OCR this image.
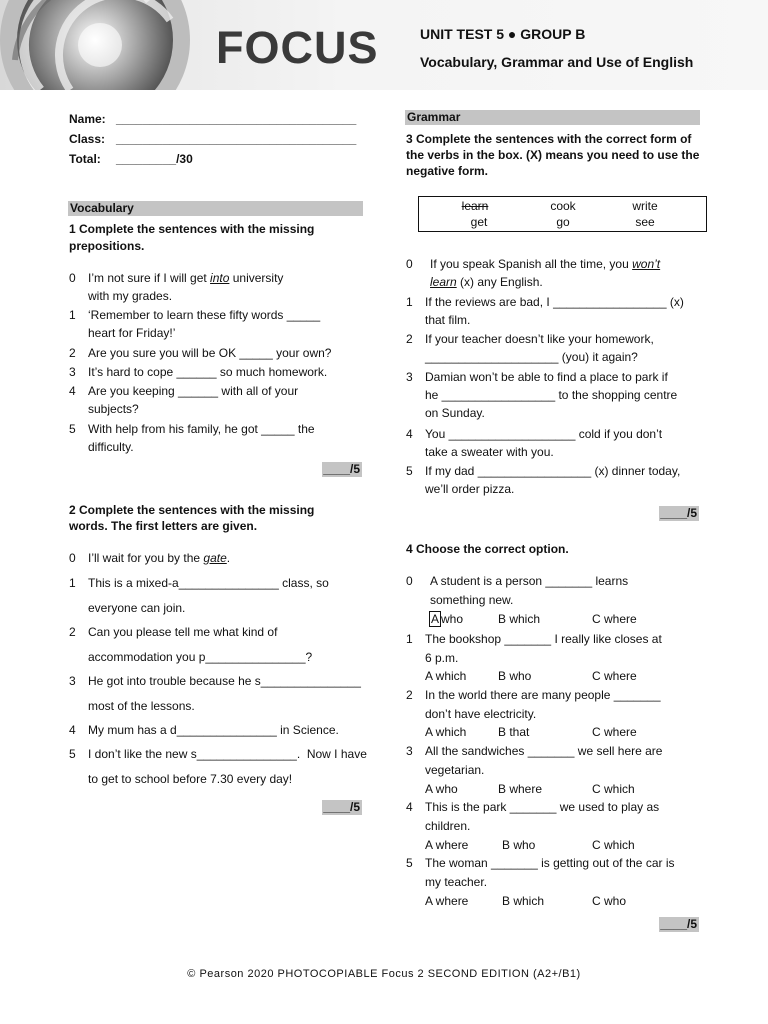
FOCUS	UNIT TEST 5 ● GROUP B
Vocabulary, Grammar and Use of English
Name: ____________________________________
Class: ____________________________________
Total: _________/30
Vocabulary
1 Complete the sentences with the missing
prepositions.
0 I’m not sure if I will get into university
with my grades.
1 ‘Remember to learn these fifty words _____
heart for Friday!’
2 Are you sure you will be OK _____ your own?
3 It’s hard to cope ______ so much homework.
4 Are you keeping ______ with all of your
subjects?
5 With help from his family, he got _____ the
difficulty.
____/5
2 Complete the sentences with the missing
words. The first letters are given.
0 I’ll wait for you by the gate.
1 This is a mixed-a_______________ class, so
everyone can join.
2 Can you please tell me what kind of
accommodation you p_______________?
3 He got into trouble because he s_______________
most of the lessons.
4 My mum has a d_______________ in Science.
5 I don’t like the new s_______________.  Now I have
to get to school before 7.30 every day!
____/5
Grammar
3 Complete the sentences with the correct form of
the verbs in the box. (X) means you need to use the
negative form.
learn	cook	write
get	go	see
0 If you speak Spanish all the time, you won’t
learn (x) any English.
1 If the reviews are bad, I _________________ (x)
that film.
2 If your teacher doesn’t like your homework,
____________________ (you) it again?
3 Damian won’t be able to find a place to park if
he _________________ to the shopping centre
on Sunday.
4 You ___________________ cold if you don’t
take a sweater with you.
5 If my dad _________________ (x) dinner today,
we’ll order pizza.
____/5
4 Choose the correct option.
0 A student is a person _______ learns
something new.
A who	B which	C where
1 The bookshop _______ I really like closes at
6 p.m.
A which	B who	C where
2 In the world there are many people _______
don’t have electricity.
A which	B that	C where
3 All the sandwiches _______ we sell here are
vegetarian.
A who	B where	C which
4 This is the park _______ we used to play as
children.
A where	B who	C which
5 The woman _______ is getting out of the car is
my teacher.
A where	B which	C who
____/5
© Pearson 2020 PHOTOCOPIABLE Focus 2 SECOND EDITION (A2+/B1)
